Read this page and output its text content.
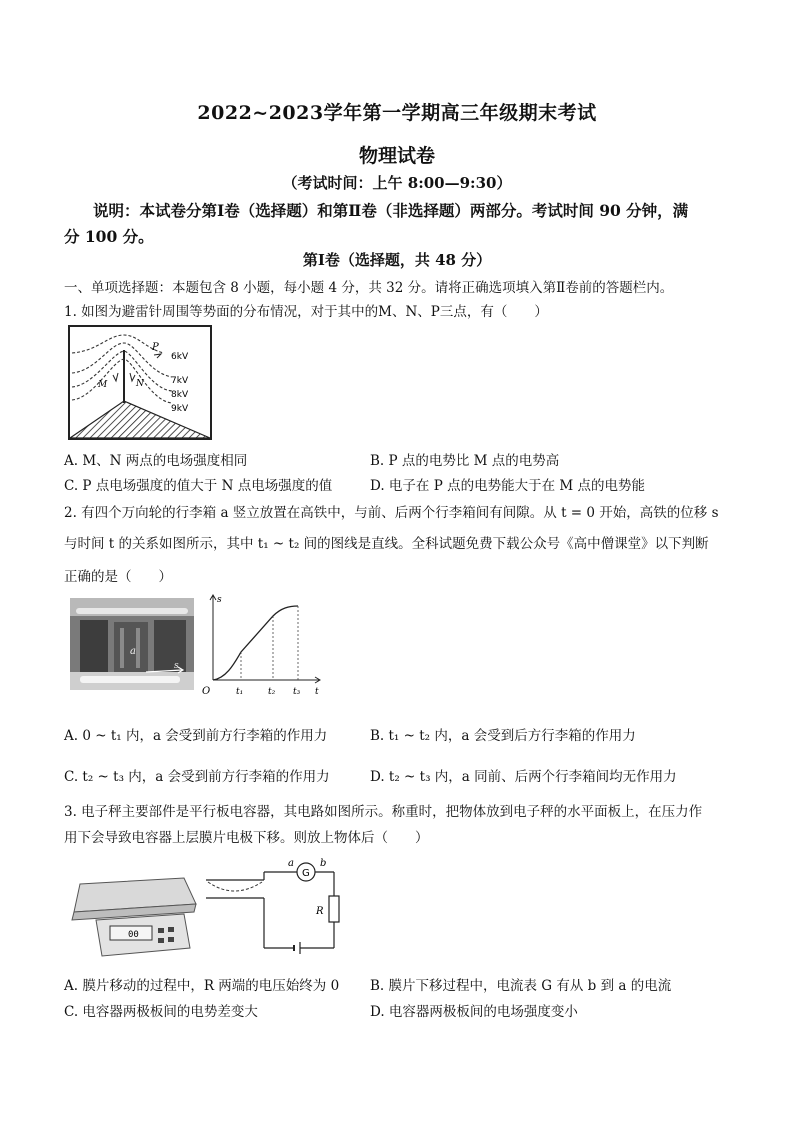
2022~2023学年第一学期高三年级期末考试
物理试卷
（考试时间：上午 8:00—9:30）
说明：本试卷分第Ⅰ卷（选择题）和第Ⅱ卷（非选择题）两部分。考试时间 90 分钟，满
分 100 分。
第Ⅰ卷（选择题，共 48 分）
一、单项选择题：本题包含 8 小题，每小题 4 分，共 32 分。请将正确选项填入第Ⅱ卷前的答题栏内。
1. 如图为避雷针周围等势面的分布情况，对于其中的M、N、P三点，有（　　）
P
M	N
6kV
7kV
8kV
9kV
A. M、N 两点的电场强度相同	B. P 点的电势比 M 点的电势高
C. P 点电场强度的值大于 N 点电场强度的值	D. 电子在 P 点的电势能大于在 M 点的电势能
2. 有四个万向轮的行李箱 a 竖立放置在高铁中，与前、后两个行李箱间有间隙。从 t = 0 开始，高铁的位移 s
与时间 t 的关系如图所示，其中 t₁ ~ t₂ 间的图线是直线。全科试题免费下载公众号《高中僧课堂》以下判断
正确的是（　　）
a
s
s
t
O	t₁	t₂ t₃
A. 0 ~ t₁ 内，a 会受到前方行李箱的作用力	B. t₁ ~ t₂ 内，a 会受到后方行李箱的作用力
C. t₂ ~ t₃ 内，a 会受到前方行李箱的作用力	D. t₂ ~ t₃ 内，a 同前、后两个行李箱间均无作用力
3. 电子秤主要部件是平行板电容器，其电路如图所示。称重时，把物体放到电子秤的水平面板上，在压力作
用下会导致电容器上层膜片电极下移。则放上物体后（　　）
00
G
a	b
R
A. 膜片移动的过程中，R 两端的电压始终为 0 B. 膜片下移过程中，电流表 G 有从 b 到 a 的电流
C. 电容器两极板间的电势差变大	D. 电容器两极板间的电场强度变小
